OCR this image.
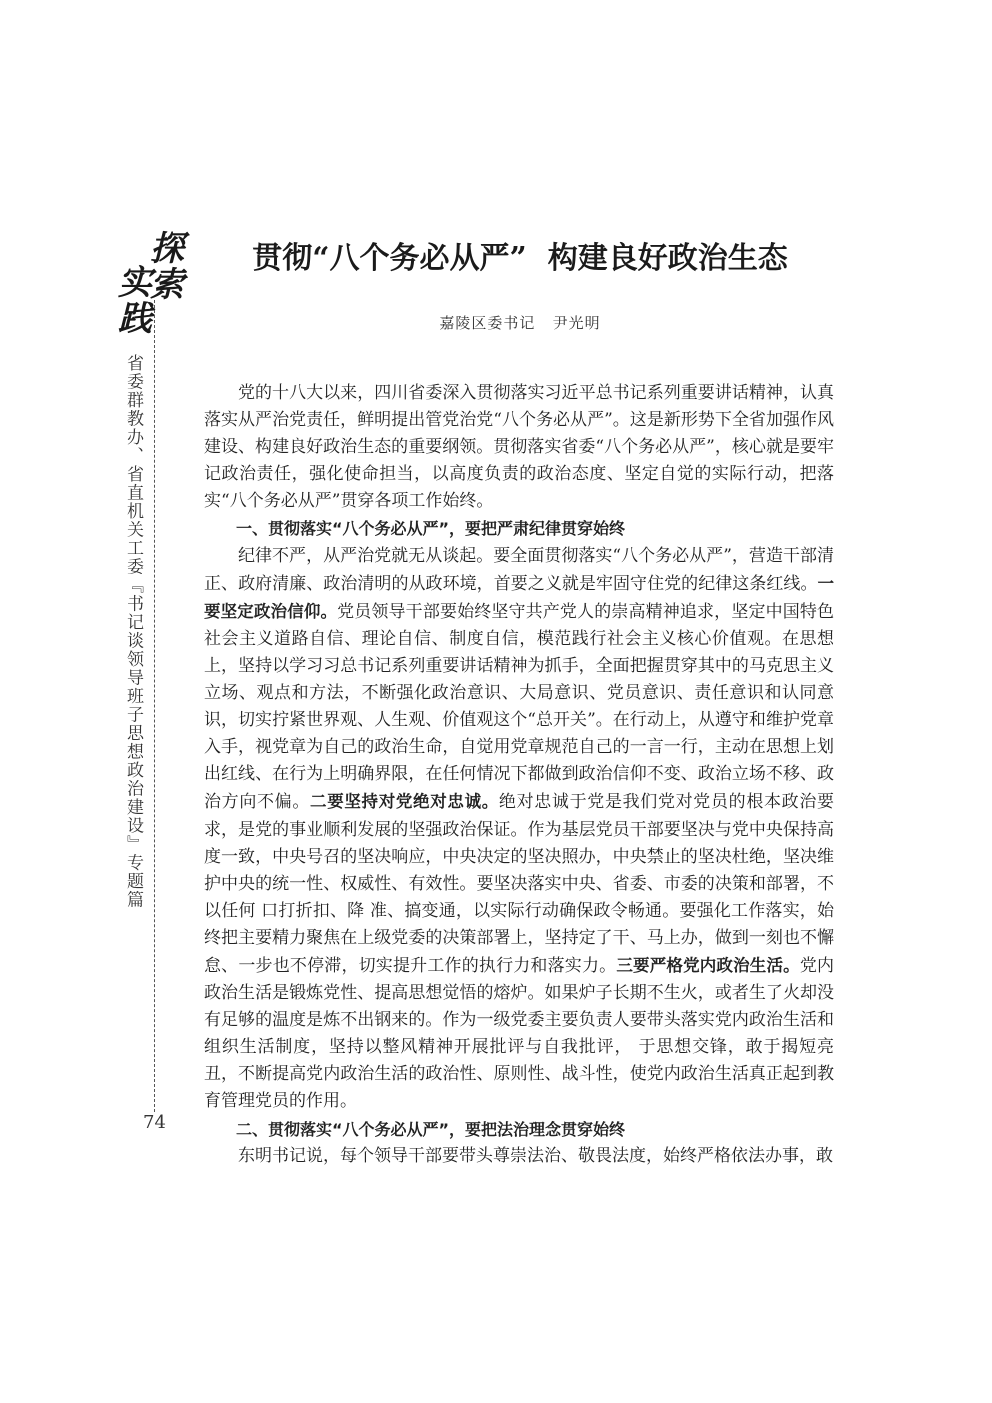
探
索
实
践
省委群教办、省直机关工委『书记谈领导班子思想政治建设』专题篇
74
贯彻“八个务必从严”  构建良好政治生态
嘉陵区委书记   尹光明

党的十八大以来，四川省委深入贯彻落实习近平总书记系列重要讲话精神，认真落实从严治党责任，鲜明提出管党治党“八个务必从严”。这是新形势下全省加强作风建设、构建良好政治生态的重要纲领。贯彻落实省委“八个务必从严”，核心就是要牢记政治责任，强化使命担当，以高度负责的政治态度、坚定自觉的实际行动，把落实“八个务必从严”贯穿各项工作始终。

一、贯彻落实“八个务必从严”，要把严肃纪律贯穿始终

纪律不严，从严治党就无从谈起。要全面贯彻落实“八个务必从严”，营造干部清正、政府清廉、政治清明的从政环境，首要之义就是牢固守住党的纪律这条红线。一要坚定政治信仰。党员领导干部要始终坚守共产党人的崇高精神追求，坚定中国特色社会主义道路自信、理论自信、制度自信，模范践行社会主义核心价值观。在思想上，坚持以学习习总书记系列重要讲话精神为抓手，全面把握贯穿其中的马克思主义立场、观点和方法，不断强化政治意识、大局意识、党员意识、责任意识和认同意识，切实拧紧世界观、人生观、价值观这个“总开关”。在行动上，从遵守和维护党章入手，视党章为自己的政治生命，自觉用党章规范自己的一言一行，主动在思想上划出红线、在行为上明确界限，在任何情况下都做到政治信仰不变、政治立场不移、政治方向不偏。二要坚持对党绝对忠诚。绝对忠诚于党是我们党对党员的根本政治要求，是党的事业顺利发展的坚强政治保证。作为基层党员干部要坚决与党中央保持高度一致，中央号召的坚决响应，中央决定的坚决照办，中央禁止的坚决杜绝，坚决维护中央的统一性、权威性、有效性。要坚决落实中央、省委、市委的决策和部署，不以任何 口打折扣、降 准、搞变通，以实际行动确保政令畅通。要强化工作落实，始终把主要精力聚焦在上级党委的决策部署上，坚持定了干、马上办，做到一刻也不懈怠、一步也不停滞，切实提升工作的执行力和落实力。三要严格党内政治生活。党内政治生活是锻炼党性、提高思想觉悟的熔炉。如果炉子长期不生火，或者生了火却没有足够的温度是炼不出钢来的。作为一级党委主要负责人要带头落实党内政治生活和组织生活制度，坚持以整风精神开展批评与自我批评， 于思想交锋，敢于揭短亮丑，不断提高党内政治生活的政治性、原则性、战斗性，使党内政治生活真正起到教育管理党员的作用。

二、贯彻落实“八个务必从严”，要把法治理念贯穿始终

东明书记说，每个领导干部要带头尊崇法治、敬畏法度，始终严格依法办事，敢
